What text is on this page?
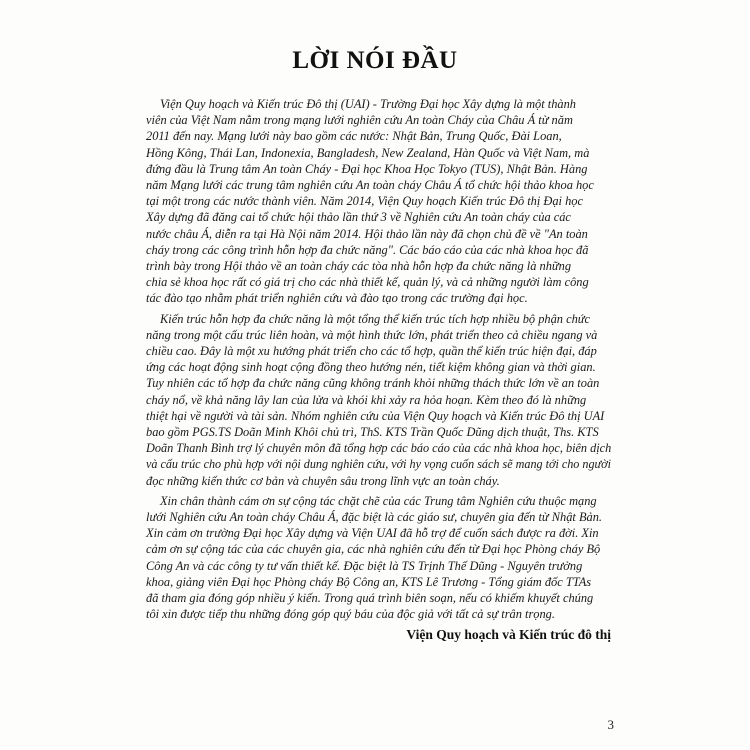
LỜI NÓI ĐẦU
Viện Quy hoạch và Kiến trúc Đô thị (UAI) - Trường Đại học Xây dựng là một thành
viên của Việt Nam nằm trong mạng lưới nghiên cứu An toàn Cháy của Châu Á từ năm
2011 đến nay. Mạng lưới này bao gồm các nước: Nhật Bản, Trung Quốc, Đài Loan,
Hồng Kông, Thái Lan, Indonexia, Bangladesh, New Zealand, Hàn Quốc và Việt Nam, mà
đứng đầu là Trung tâm An toàn Cháy - Đại học Khoa Học Tokyo (TUS), Nhật Bản. Hàng
năm Mạng lưới các trung tâm nghiên cứu An toàn cháy Châu Á tổ chức hội thảo khoa học
tại một trong các nước thành viên. Năm 2014, Viện Quy hoạch Kiến trúc Đô thị Đại học
Xây dựng đã đăng cai tổ chức hội thảo lần thứ 3 về Nghiên cứu An toàn cháy của các
nước châu Á, diễn ra tại Hà Nội năm 2014. Hội thảo lần này đã chọn chủ đề về "An toàn
cháy trong các công trình hỗn hợp đa chức năng". Các báo cáo của các nhà khoa học đã
trình bày trong Hội thảo về an toàn cháy các tòa nhà hỗn hợp đa chức năng là những
chia sẻ khoa học rất có giá trị cho các nhà thiết kế, quản lý, và cả những người làm công
tác đào tạo nhằm phát triển nghiên cứu và đào tạo trong các trường đại học.
Kiến trúc hỗn hợp đa chức năng là một tổng thể kiến trúc tích hợp nhiều bộ phận chức
năng trong một cấu trúc liên hoàn, và một hình thức lớn, phát triển theo cả chiều ngang và
chiều cao. Đây là một xu hướng phát triển cho các tổ hợp, quần thể kiến trúc hiện đại, đáp
ứng các hoạt động sinh hoạt cộng đồng theo hướng nén, tiết kiệm không gian và thời gian.
Tuy nhiên các tổ hợp đa chức năng cũng không tránh khỏi những thách thức lớn về an toàn
cháy nổ, về khả năng lây lan của lửa và khói khi xảy ra hỏa hoạn. Kèm theo đó là những
thiệt hại về người và tài sản. Nhóm nghiên cứu của Viện Quy hoạch và Kiến trúc Đô thị UAI
bao gồm PGS.TS Doãn Minh Khôi chủ trì, ThS. KTS Trần Quốc Dũng dịch thuật, Ths. KTS
Doãn Thanh Bình trợ lý chuyên môn đã tổng hợp các báo cáo của các nhà khoa học, biên dịch
và cấu trúc cho phù hợp với nội dung nghiên cứu, với hy vọng cuốn sách sẽ mang tới cho người
đọc những kiến thức cơ bản và chuyên sâu trong lĩnh vực an toàn cháy.
Xin chân thành cám ơn sự cộng tác chặt chẽ của các Trung tâm Nghiên cứu thuộc mạng
lưới Nghiên cứu An toàn cháy Châu Á, đặc biệt là các giáo sư, chuyên gia đến từ Nhật Bản.
Xin cảm ơn trường Đại học Xây dựng và Viện UAI đã hỗ trợ để cuốn sách được ra đời. Xin
cảm ơn sự cộng tác của các chuyên gia, các nhà nghiên cứu đến từ Đại học Phòng cháy Bộ
Công An và các công ty tư vấn thiết kế. Đặc biệt là TS Trịnh Thế Dũng - Nguyên trưởng
khoa, giảng viên Đại học Phòng cháy Bộ Công an, KTS Lê Trương - Tổng giám đốc TTAs
đã tham gia đóng góp nhiều ý kiến. Trong quá trình biên soạn, nếu có khiếm khuyết chúng
tôi xin được tiếp thu những đóng góp quý báu của độc giả với tất cả sự trân trọng.
Viện Quy hoạch và Kiến trúc đô thị
3
